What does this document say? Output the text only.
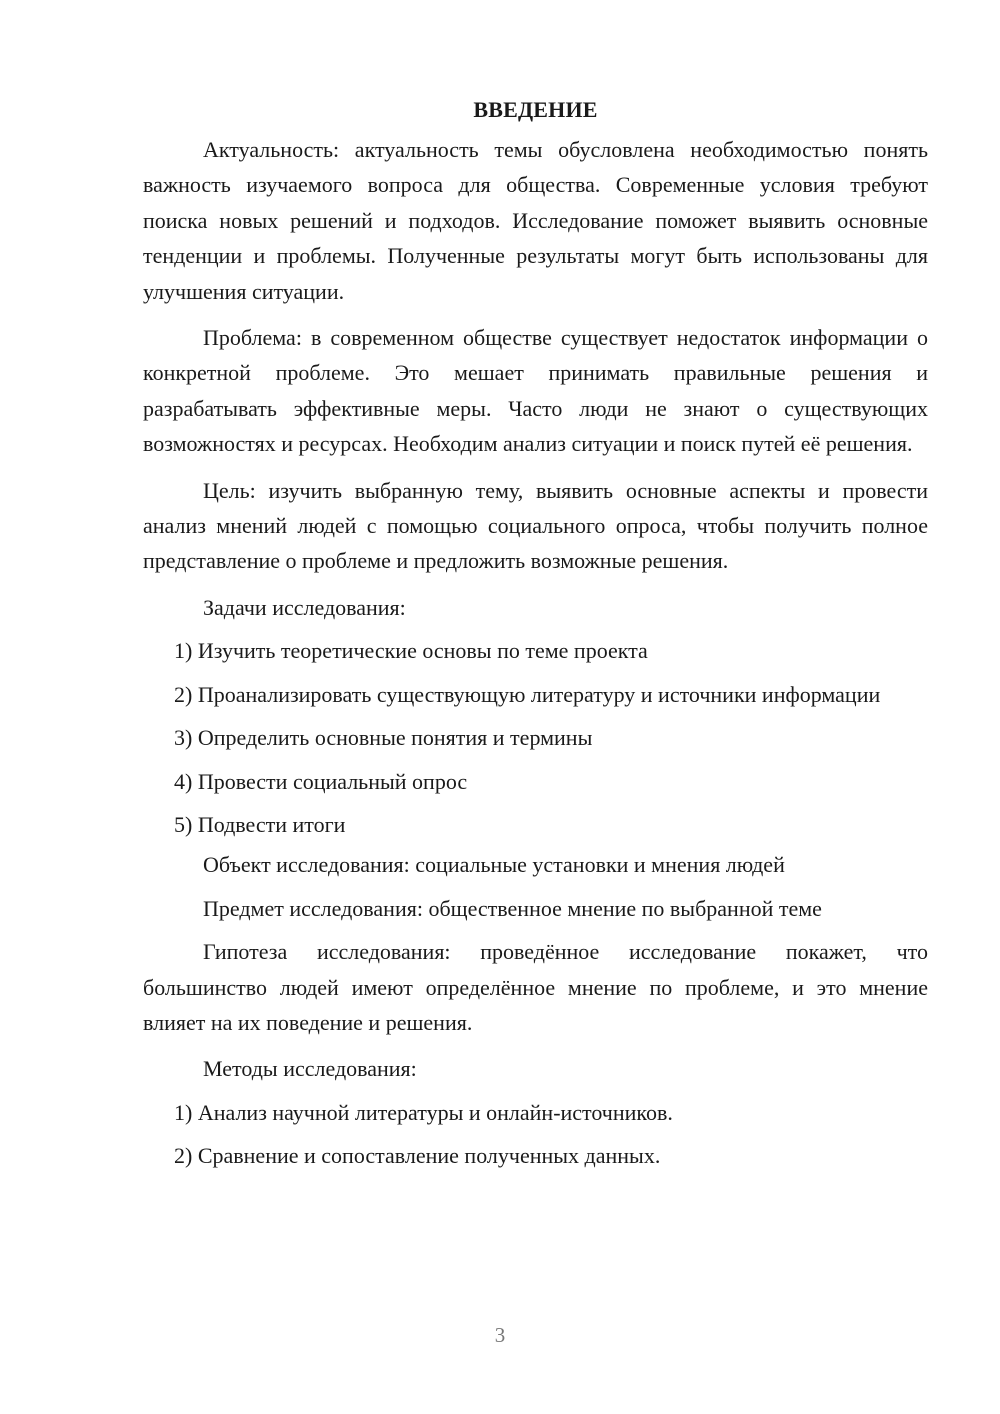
ВВЕДЕНИЕ

Актуальность: актуальность темы обусловлена необходимостью понять важность изучаемого вопроса для общества. Современные условия требуют поиска новых решений и подходов. Исследование поможет выявить основные тенденции и проблемы. Полученные результаты могут быть использованы для улучшения ситуации.

Проблема: в современном обществе существует недостаток информации о конкретной проблеме. Это мешает принимать правильные решения и разрабатывать эффективные меры. Часто люди не знают о существующих возможностях и ресурсах. Необходим анализ ситуации и поиск путей её решения.

Цель: изучить выбранную тему, выявить основные аспекты и провести анализ мнений людей с помощью социального опроса, чтобы получить полное представление о проблеме и предложить возможные решения.

Задачи исследования:

1) Изучить теоретические основы по теме проекта

2) Проанализировать существующую литературу и источники информации

3) Определить основные понятия и термины

4) Провести социальный опрос

5) Подвести итоги

Объект исследования: социальные установки и мнения людей

Предмет исследования: общественное мнение по выбранной теме

Гипотеза исследования: проведённое исследование покажет, что большинство людей имеют определённое мнение по проблеме, и это мнение влияет на их поведение и решения.

Методы исследования:

1) Анализ научной литературы и онлайн-источников.

2) Сравнение и сопоставление полученных данных.

3
